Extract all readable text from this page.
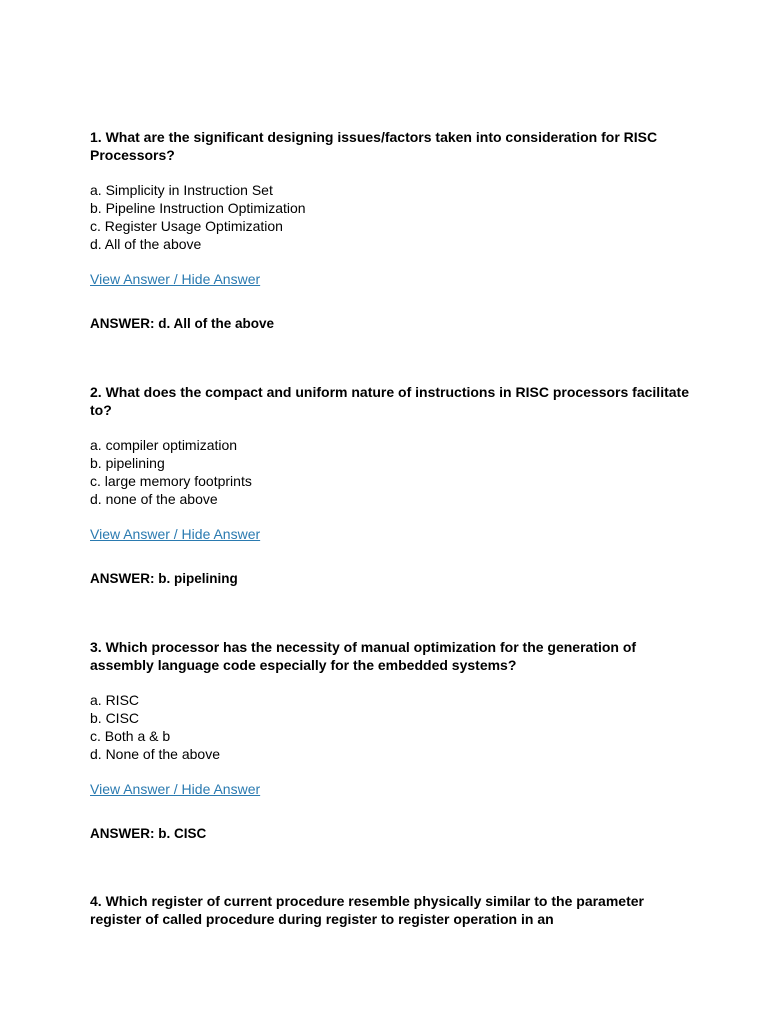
1. What are the significant designing issues/factors taken into consideration for RISC Processors?

a. Simplicity in Instruction Set
b. Pipeline Instruction Optimization
c. Register Usage Optimization
d. All of the above
View Answer / Hide Answer
ANSWER: d. All of the above

2. What does the compact and uniform nature of instructions in RISC processors facilitate to?

a. compiler optimization
b. pipelining
c. large memory footprints
d. none of the above
View Answer / Hide Answer
ANSWER: b. pipelining

3. Which processor has the necessity of manual optimization for the generation of assembly language code especially for the embedded systems?

a. RISC
b. CISC
c. Both a & b
d. None of the above
View Answer / Hide Answer
ANSWER: b. CISC

4. Which register of current procedure resemble physically similar to the parameter register of called procedure during register to register operation in an
